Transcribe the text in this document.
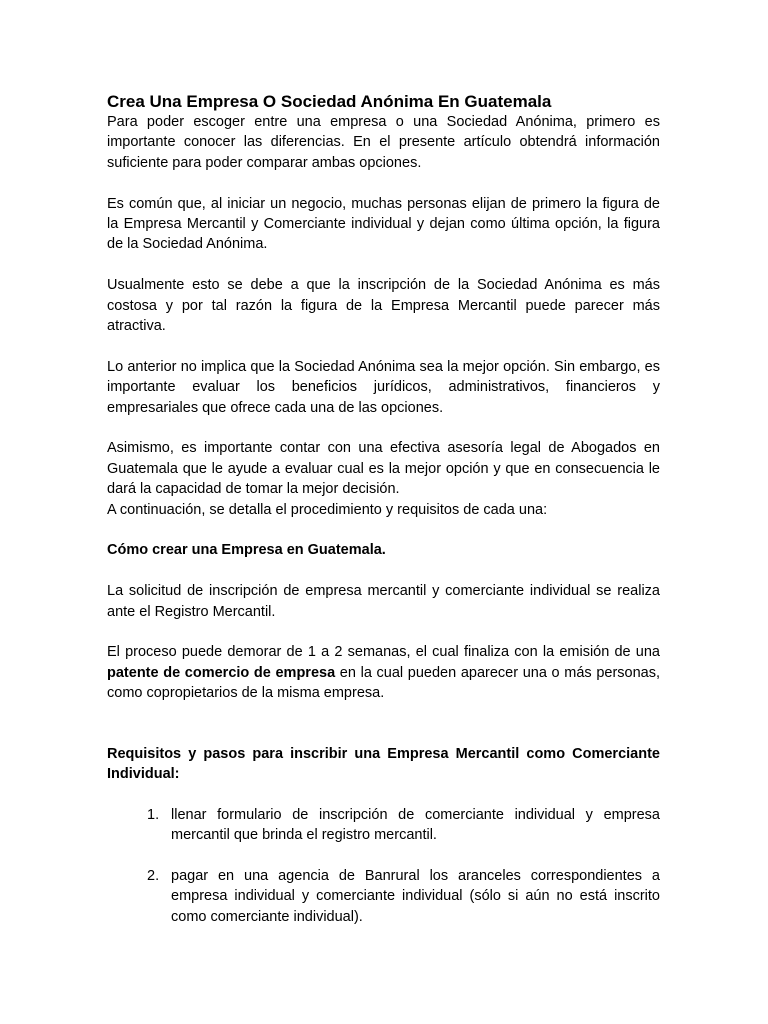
Crea Una Empresa O Sociedad Anónima En Guatemala

Para poder escoger entre una empresa o una Sociedad Anónima, primero es importante conocer las diferencias. En el presente artículo obtendrá información suficiente para poder comparar ambas opciones.

Es común que, al iniciar un negocio, muchas personas elijan de primero la figura de la Empresa Mercantil y Comerciante individual y dejan como última opción, la figura de la Sociedad Anónima.

Usualmente esto se debe a que la inscripción de la Sociedad Anónima es más costosa y por tal razón la figura de la Empresa Mercantil puede parecer más atractiva.

Lo anterior no implica que la Sociedad Anónima sea la mejor opción. Sin embargo, es importante evaluar los beneficios jurídicos, administrativos, financieros y empresariales que ofrece cada una de las opciones.

Asimismo, es importante contar con una efectiva asesoría legal de Abogados en Guatemala que le ayude a evaluar cual es la mejor opción y que en consecuencia le dará la capacidad de tomar la mejor decisión.

A continuación, se detalla el procedimiento y requisitos de cada una:

Cómo crear una Empresa en Guatemala.

La solicitud de inscripción de empresa mercantil y comerciante individual se realiza ante el Registro Mercantil.

El proceso puede demorar de 1 a 2 semanas, el cual finaliza con la emisión de una patente de comercio de empresa en la cual pueden aparecer una o más personas, como copropietarios de la misma empresa.

Requisitos y pasos para inscribir una Empresa Mercantil como Comerciante Individual:

1. llenar formulario de inscripción de comerciante individual y empresa mercantil que brinda el registro mercantil.
2. pagar en una agencia de Banrural los aranceles correspondientes a empresa individual y comerciante individual (sólo si aún no está inscrito como comerciante individual).
